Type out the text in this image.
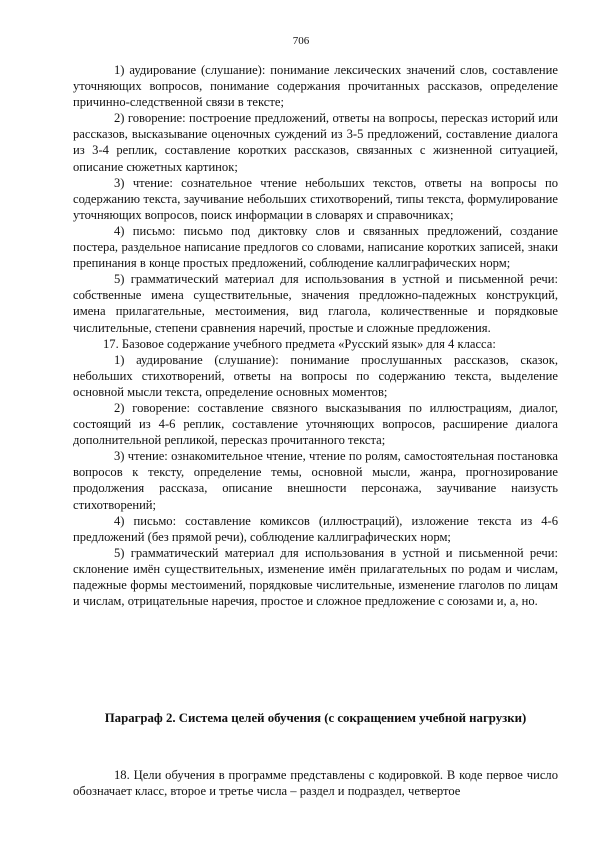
706

1) аудирование (слушание): понимание лексических значений слов, составление уточняющих вопросов, понимание содержания прочитанных рассказов, определение причинно-следственной связи в тексте;

2) говорение: построение предложений, ответы на вопросы, пересказ историй или рассказов, высказывание оценочных суждений из 3-5 предложений, составление диалога из 3-4 реплик, составление коротких рассказов, связанных с жизненной ситуацией, описание сюжетных картинок;

3) чтение: сознательное чтение небольших текстов, ответы на вопросы по содержанию текста, заучивание небольших стихотворений, типы текста, формулирование уточняющих вопросов, поиск информации в словарях и справочниках;

4) письмо: письмо под диктовку слов и связанных предложений, создание постера, раздельное написание предлогов со словами, написание коротких записей, знаки препинания в конце простых предложений, соблюдение каллиграфических норм;

5) грамматический материал для использования в устной и письменной речи: собственные имена существительные, значения предложно-падежных конструкций, имена прилагательные, местоимения, вид глагола, количественные и порядковые числительные, степени сравнения наречий, простые и сложные предложения.

17. Базовое содержание учебного предмета «Русский язык» для 4 класса:

1) аудирование (слушание): понимание прослушанных рассказов, сказок, небольших стихотворений, ответы на вопросы по содержанию текста, выделение основной мысли текста, определение основных моментов;

2) говорение: составление связного высказывания по иллюстрациям, диалог, состоящий из 4-6 реплик, составление уточняющих вопросов, расширение диалога дополнительной репликой, пересказ прочитанного текста;

3) чтение: ознакомительное чтение, чтение по ролям, самостоятельная постановка вопросов к тексту, определение темы, основной мысли, жанра, прогнозирование продолжения рассказа, описание внешности персонажа, заучивание наизусть стихотворений;

4) письмо: составление комиксов (иллюстраций), изложение текста из 4-6 предложений (без прямой речи), соблюдение каллиграфических норм;

5) грамматический материал для использования в устной и письменной речи: склонение имён существительных, изменение имён прилагательных по родам и числам, падежные формы местоимений, порядковые числительные, изменение глаголов по лицам и числам, отрицательные наречия, простое и сложное предложение с союзами и, а, но.

Параграф 2. Система целей обучения (с сокращением учебной нагрузки)

18. Цели обучения в программе представлены с кодировкой. В коде первое число обозначает класс, второе и третье числа – раздел и подраздел, четвертое
